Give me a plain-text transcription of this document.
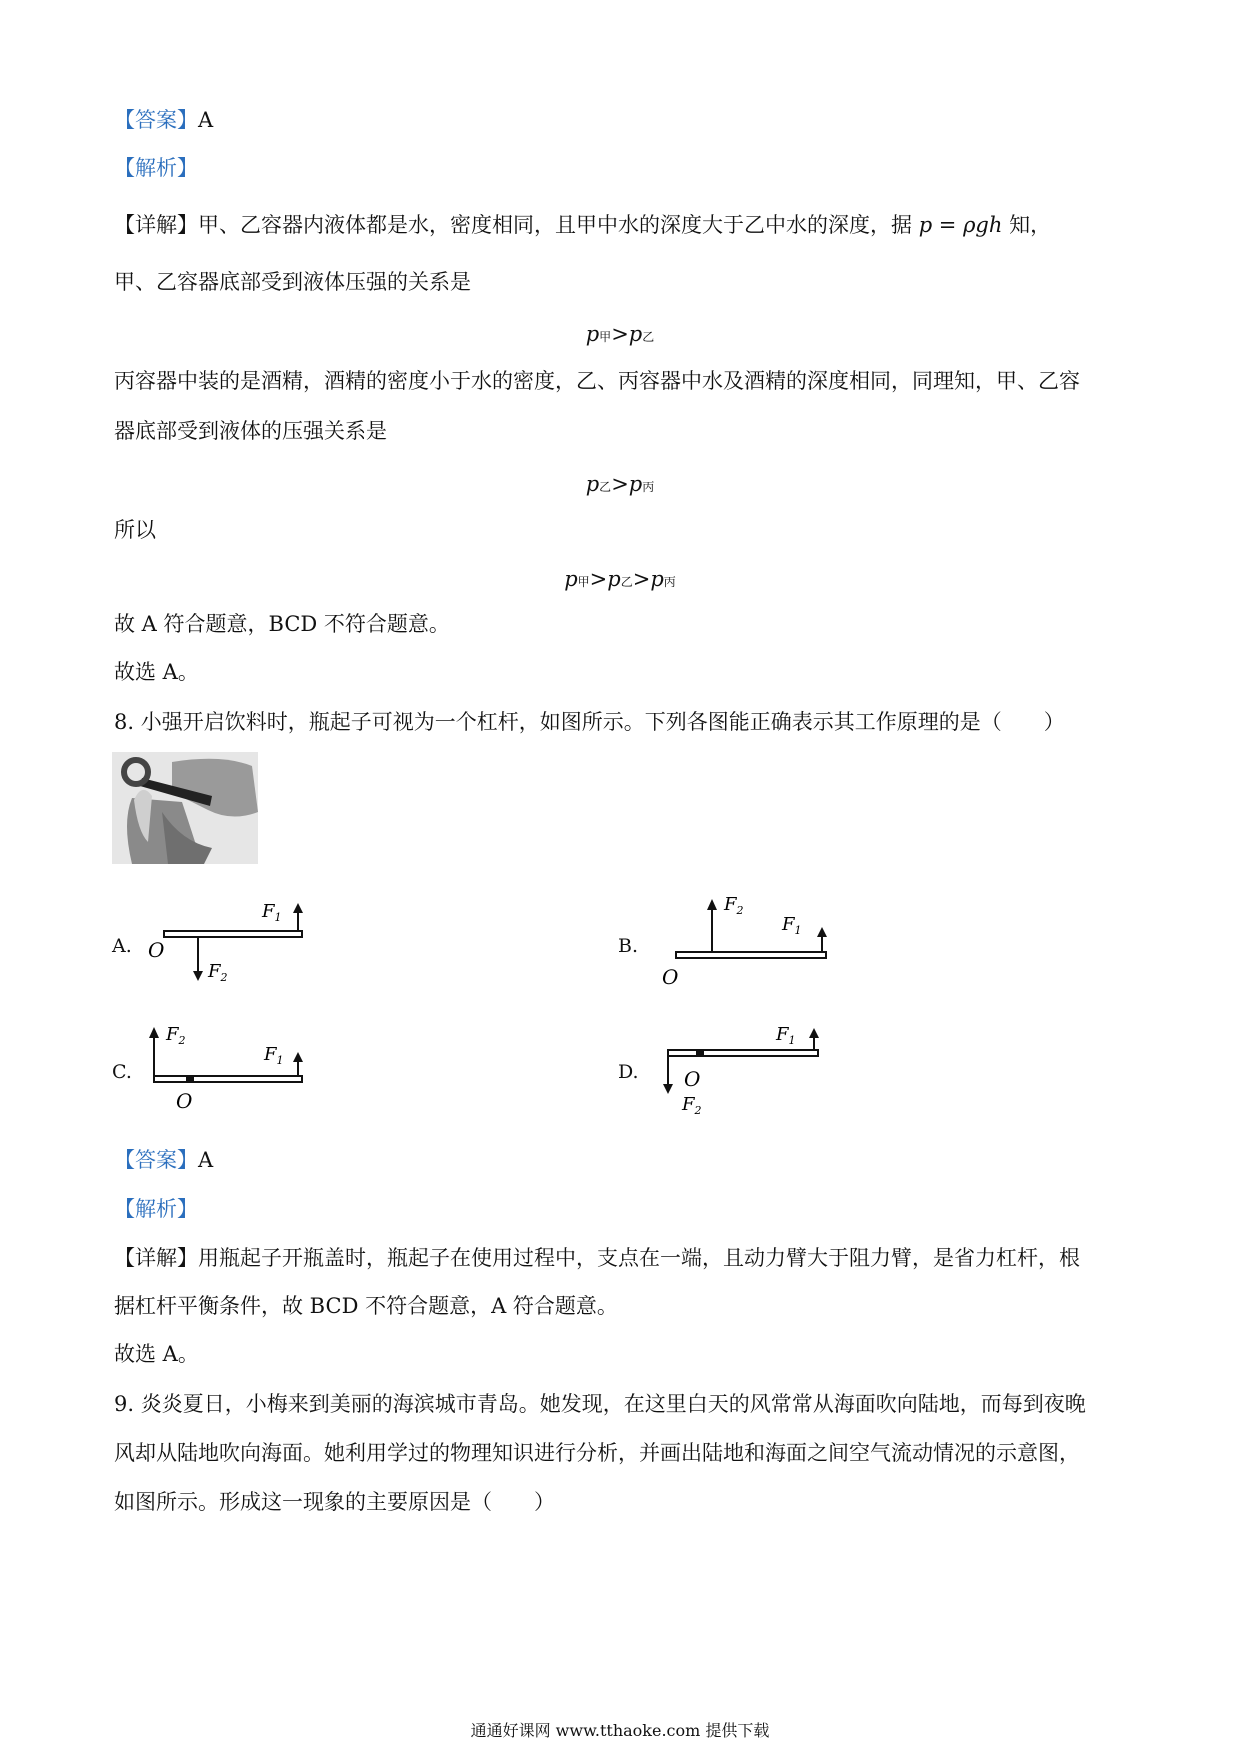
【答案】A
【解析】
【详解】甲、乙容器内液体都是水，密度相同，且甲中水的深度大于乙中水的深度，据 p = ρgh 知，
甲、乙容器底部受到液体压强的关系是
p甲>p乙
丙容器中装的是酒精，酒精的密度小于水的密度，乙、丙容器中水及酒精的深度相同，同理知，甲、乙容
器底部受到液体的压强关系是
p乙>p丙
所以
p甲>p乙>p丙
故 A 符合题意，BCD 不符合题意。
故选 A。
8. 小强开启饮料时，瓶起子可视为一个杠杆，如图所示。下列各图能正确表示其工作原理的是（　　）
A.
$F_1$
$F_2$
O	B.
$F_2$
$F_1$
O
C.
$F_2$
$F_1$
O
D.
$F_1$
O
$F_2$
【答案】A
【解析】
【详解】用瓶起子开瓶盖时，瓶起子在使用过程中，支点在一端，且动力臂大于阻力臂，是省力杠杆，根
据杠杆平衡条件，故 BCD 不符合题意，A 符合题意。
故选 A。
9. 炎炎夏日，小梅来到美丽的海滨城市青岛。她发现，在这里白天的风常常从海面吹向陆地，而每到夜晚
风却从陆地吹向海面。她利用学过的物理知识进行分析，并画出陆地和海面之间空气流动情况的示意图，
如图所示。形成这一现象的主要原因是（　　）
通通好课网 www.tthaoke.com 提供下载
